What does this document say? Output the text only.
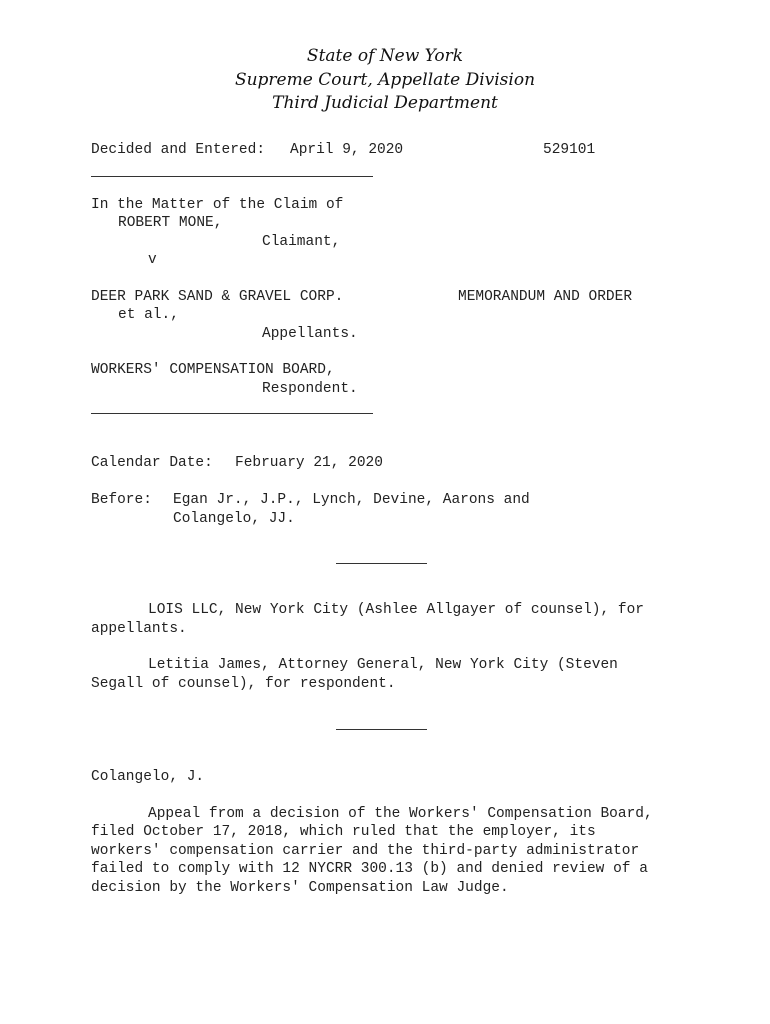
State of New York
Supreme Court, Appellate Division
Third Judicial Department
Decided and Entered: April 9, 2020	529101
In the Matter of the Claim of
ROBERT MONE,
Claimant,
v
DEER PARK SAND & GRAVEL CORP.	MEMORANDUM AND ORDER
et al.,
Appellants.
WORKERS' COMPENSATION BOARD,
Respondent.
Calendar Date: February 21, 2020
Before: Egan Jr., J.P., Lynch, Devine, Aarons and
Colangelo, JJ.
LOIS LLC, New York City (Ashlee Allgayer of counsel), for
appellants.
Letitia James, Attorney General, New York City (Steven
Segall of counsel), for respondent.
Colangelo, J.
Appeal from a decision of the Workers' Compensation Board,
filed October 17, 2018, which ruled that the employer, its
workers' compensation carrier and the third-party administrator
failed to comply with 12 NYCRR 300.13 (b) and denied review of a
decision by the Workers' Compensation Law Judge.
